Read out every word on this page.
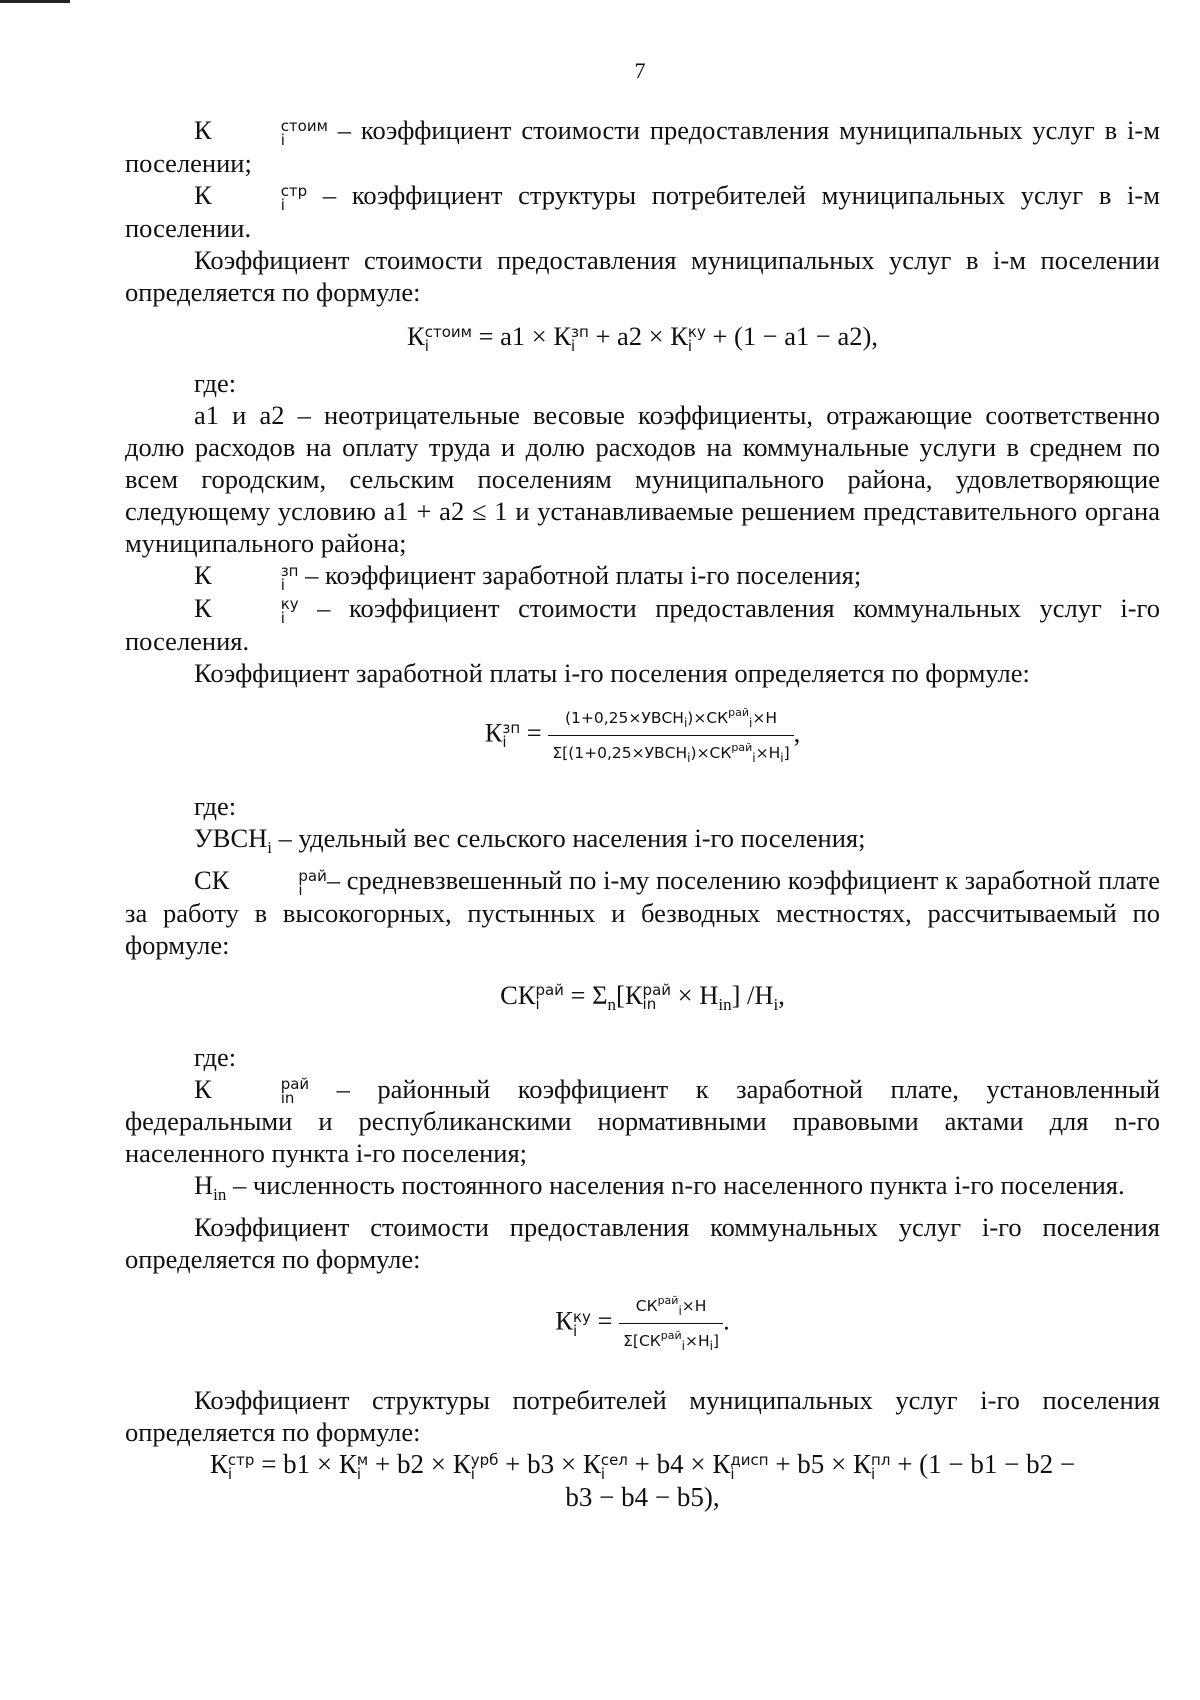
7

К	стоим
i	– коэффициент стоимости предоставления муниципальных услуг в i-м поселении;

К	стр
i	– коэффициент структуры потребителей муниципальных услуг в i-м поселении.

Коэффициент стоимости предоставления муниципальных услуг в i-м поселении определяется по формуле:

К стоим
i	= a1 × К зп
i + a2 × К ку
i + (1 − a1 − a2),

где:

a1 и a2 – неотрицательные весовые коэффициенты, отражающие соответственно долю расходов на оплату труда и долю расходов на коммунальные услуги в среднем по всем городским, сельским поселениям муниципального района, удовлетворяющие следующему условию a1 + a2 ≤ 1 и устанавливаемые решением представительного органа муниципального района;

К	зп
i – коэффициент заработной платы i-го поселения;

К	ку
i	– коэффициент стоимости предоставления коммунальных услуг i-го поселения.

Коэффициент заработной платы i-го поселения определяется по формуле:

К зп
$i = \frac{(1+0,25\times УВСН_i)\times СК^{рай}_i\times Н}{\Sigma[(1+0,25\times УВСН_i)\times СК^{рай}_i\times Н_i]}$ ,

где:

$УВСН_i$ – удельный вес сельского населения i-го поселения;

СК	рай
i – средневзвешенный по i-му поселению коэффициент к заработной плате за работу в высокогорных, пустынных и безводных местностях, рассчитываемый по формуле:

СК рай
i	= $\Sigma_n[К$ рай
in × $Н_{in}$] $/Н_i$,

где:

К	рай
in	– районный коэффициент к заработной плате, установленный федеральными и республиканскими нормативными правовыми актами для n-го населенного пункта i-го поселения;

$Н_{in}$ – численность постоянного населения n-го населенного пункта i-го поселения.

Коэффициент стоимости предоставления коммунальных услуг i-го поселения определяется по формуле:

К ку
$i = \frac{СК^{рай}_i\times Н}{\Sigma[СК^{рай}_i\times Н_i]}$ .

Коэффициент структуры потребителей муниципальных услуг i-го поселения определяется по формуле:

К стр
i	= b1 × К м
i + b2 × К урб
i + b3 × К сел
i + b4 × К дисп
i	+ b5 × К пл
i + (1 − b1 − b2 −

b3 − b4 − b5),
